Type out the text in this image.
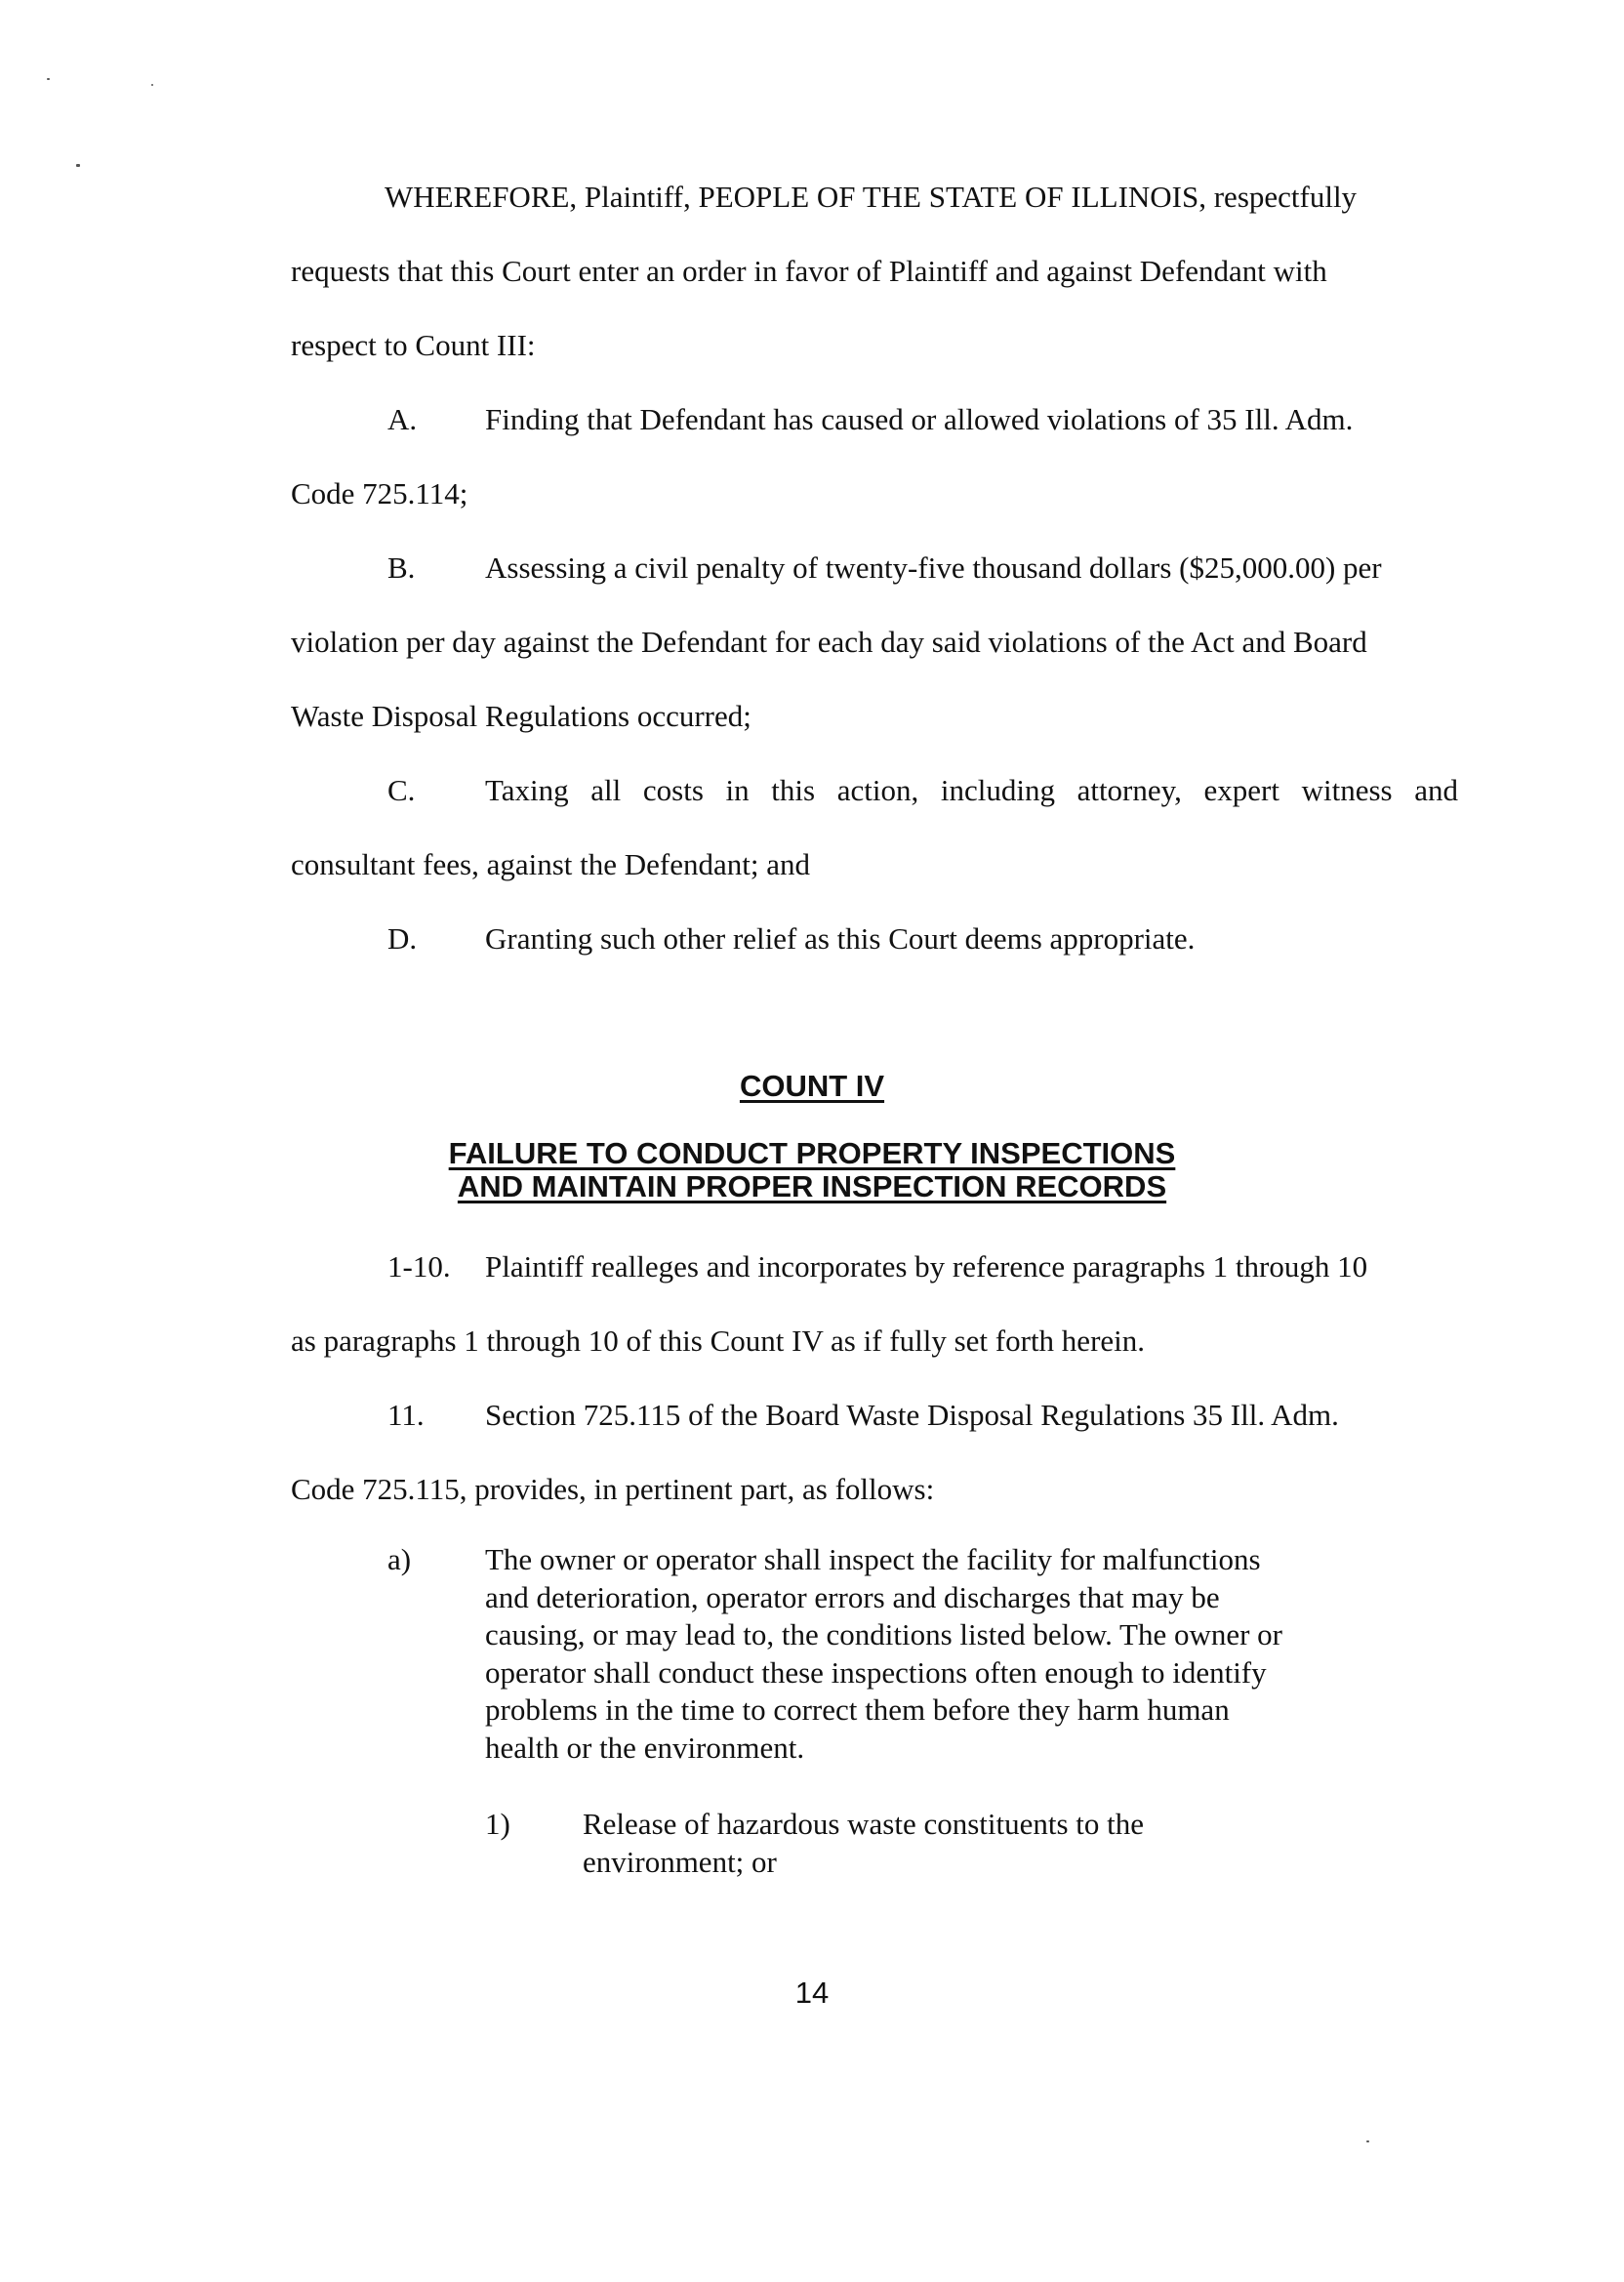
WHEREFORE, Plaintiff, PEOPLE OF THE STATE OF ILLINOIS, respectfully
requests that this Court enter an order in favor of Plaintiff and against Defendant with
respect to Count III:
A. Finding that Defendant has caused or allowed violations of 35 Ill. Adm.
Code 725.114;
B. Assessing a civil penalty of twenty-five thousand dollars ($25,000.00) per
violation per day against the Defendant for each day said violations of the Act and Board
Waste Disposal Regulations occurred;
C. Taxing all costs in this action, including attorney, expert witness and
consultant fees, against the Defendant; and
D. Granting such other relief as this Court deems appropriate.
COUNT IV
FAILURE TO CONDUCT PROPERTY INSPECTIONS
AND MAINTAIN PROPER INSPECTION RECORDS
1-10. Plaintiff realleges and incorporates by reference paragraphs 1 through 10
as paragraphs 1 through 10 of this Count IV as if fully set forth herein.
11. Section 725.115 of the Board Waste Disposal Regulations 35 Ill. Adm.
Code 725.115, provides, in pertinent part, as follows:
a) The owner or operator shall inspect the facility for malfunctions
and deterioration, operator errors and discharges that may be
causing, or may lead to, the conditions listed below. The owner or
operator shall conduct these inspections often enough to identify
problems in the time to correct them before they harm human
health or the environment.
1) Release of hazardous waste constituents to the
environment; or
14
